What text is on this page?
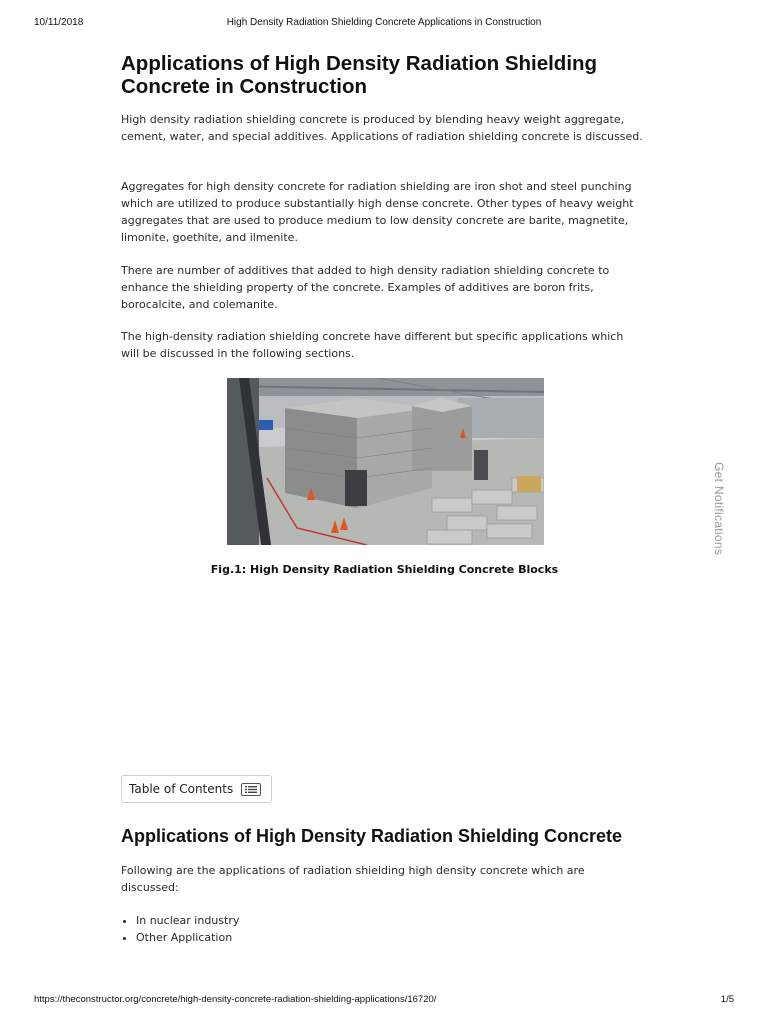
10/11/2018	High Density Radiation Shielding Concrete Applications in Construction
Applications of High Density Radiation Shielding Concrete in Construction

High density radiation shielding concrete is produced by blending heavy weight aggregate, cement, water, and special additives. Applications of radiation shielding concrete is discussed.

Aggregates for high density concrete for radiation shielding are iron shot and steel punching which are utilized to produce substantially high dense concrete. Other types of heavy weight aggregates that are used to produce medium to low density concrete are barite, magnetite, limonite, goethite, and ilmenite.

There are number of additives that added to high density radiation shielding concrete to enhance the shielding property of the concrete. Examples of additives are boron frits, borocalcite, and colemanite.

The high-density radiation shielding concrete have different but specific applications which will be discussed in the following sections.

Fig.1: High Density Radiation Shielding Concrete Blocks
Get Notifications
Table of Contents
Applications of High Density Radiation Shielding Concrete

Following are the applications of radiation shielding high density concrete which are discussed:

• In nuclear industry
• Other Application
https://theconstructor.org/concrete/high-density-concrete-radiation-shielding-applications/16720/	1/5
